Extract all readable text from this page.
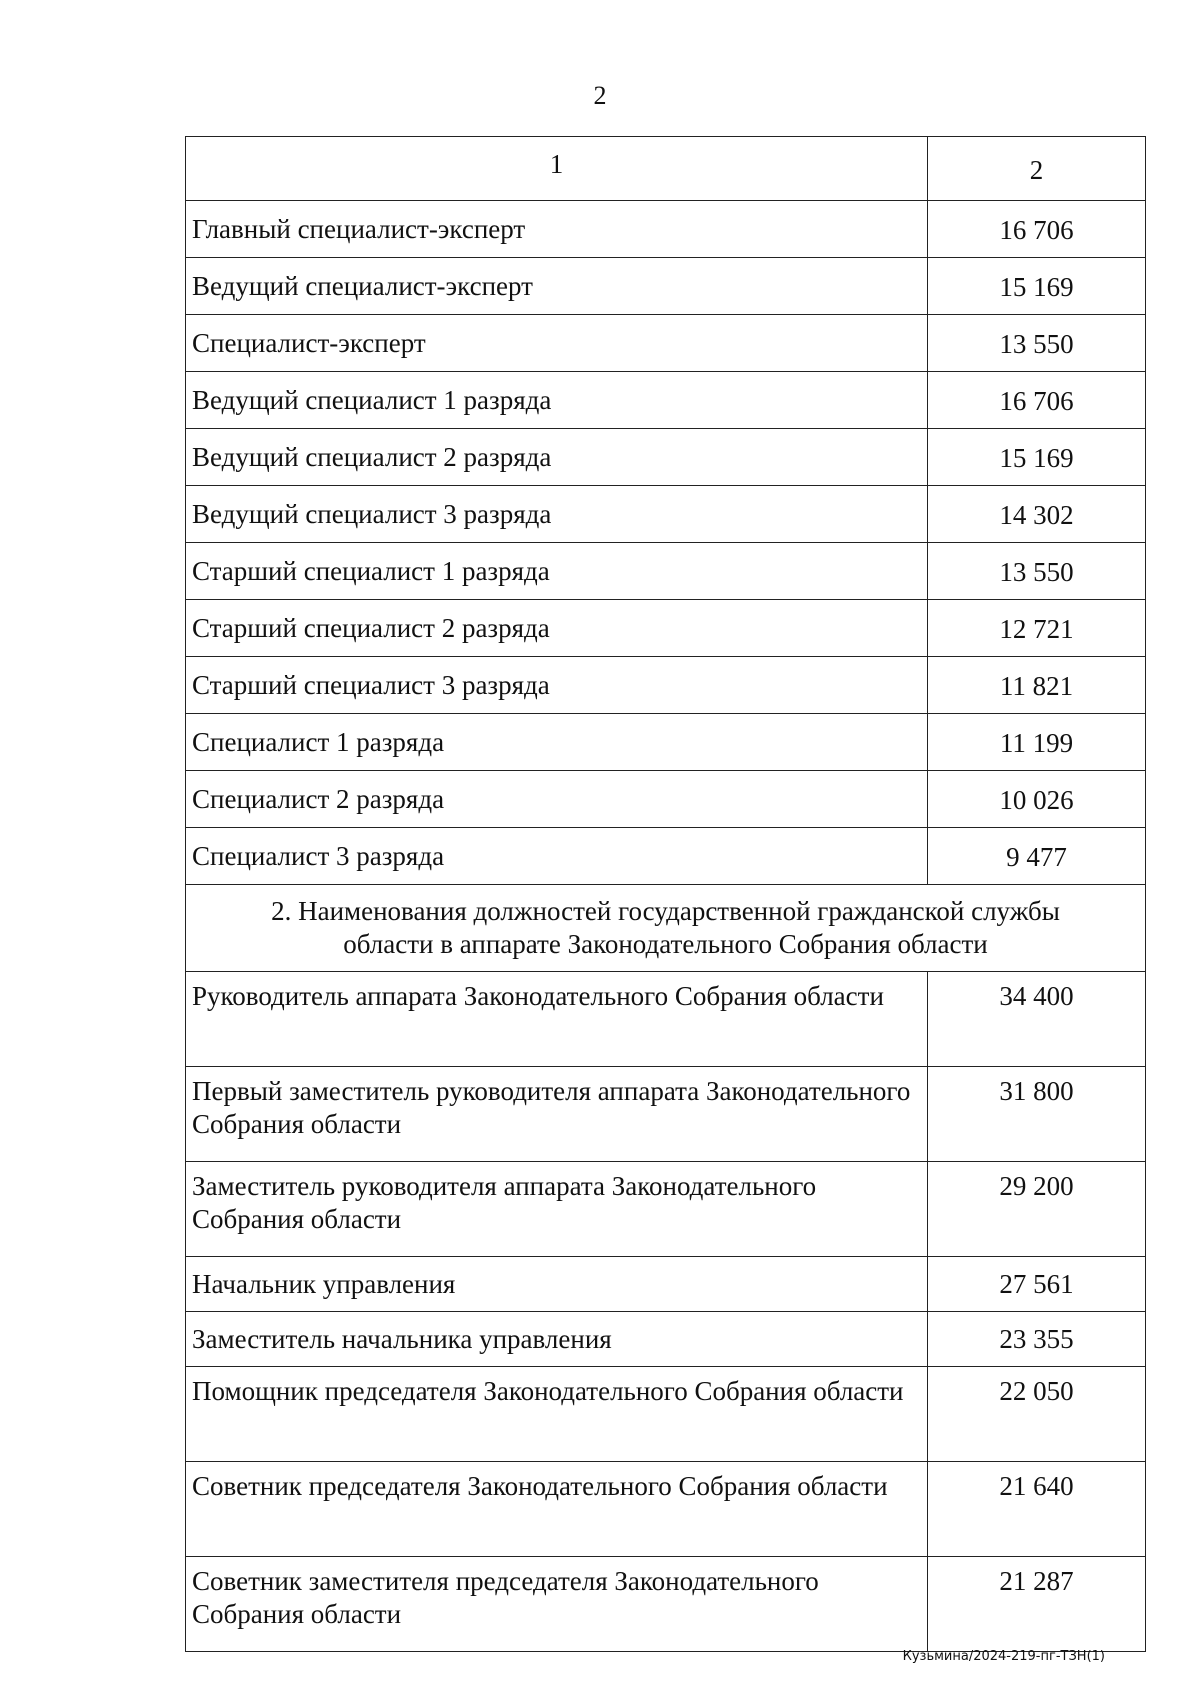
2
1	2
Главный специалист-эксперт	16 706
Ведущий специалист-эксперт	15 169
Специалист-эксперт	13 550
Ведущий специалист 1 разряда	16 706
Ведущий специалист 2 разряда	15 169
Ведущий специалист 3 разряда	14 302
Старший специалист 1 разряда	13 550
Старший специалист 2 разряда	12 721
Старший специалист 3 разряда	11 821
Специалист 1 разряда	11 199
Специалист 2 разряда	10 026
Специалист 3 разряда	9 477
2. Наименования должностей государственной гражданской службы области в аппарате Законодательного Собрания области	
Руководитель аппарата Законодательного Собрания области	34 400
Первый заместитель руководителя аппарата Законодательного Собрания области	31 800
Заместитель руководителя аппарата Законодательного Собрания области	29 200
Начальник управления	27 561
Заместитель начальника управления	23 355
Помощник председателя Законодательного Собрания области	22 050
Советник председателя Законодательного Собрания области	21 640
Советник заместителя председателя Законодательного Собрания области	21 287
Кузьмина/2024-219-пг-ТЗН(1)
